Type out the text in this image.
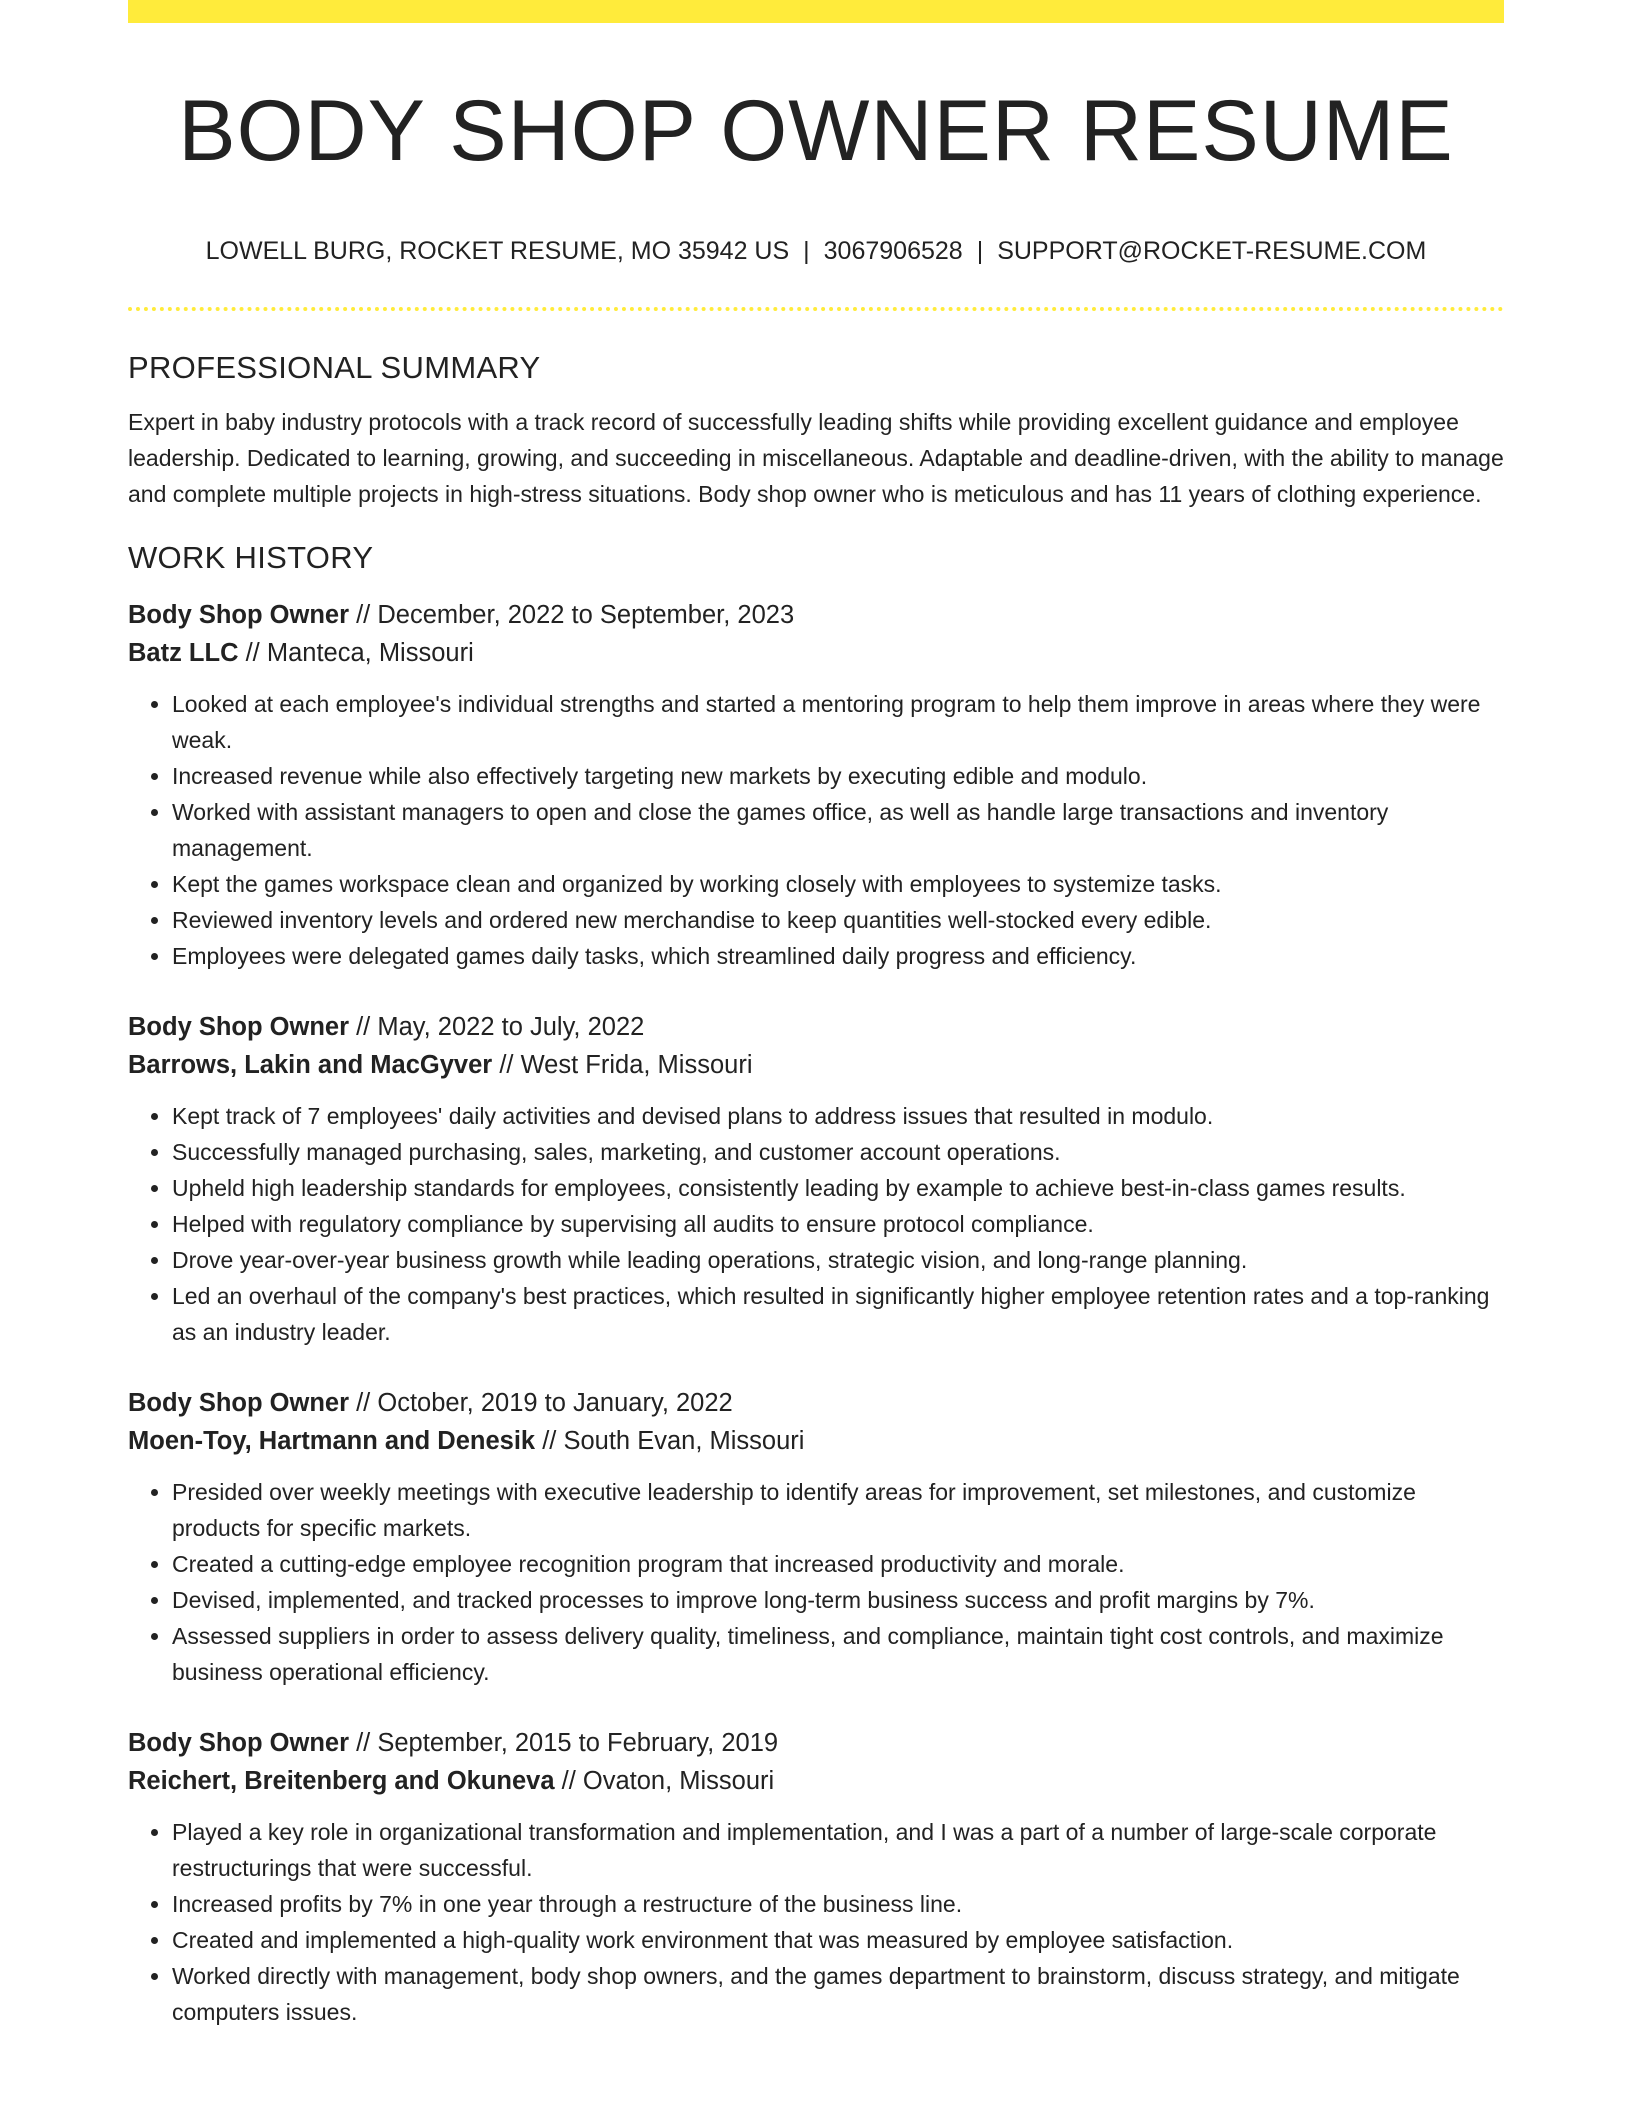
BODY SHOP OWNER RESUME
LOWELL BURG, ROCKET RESUME, MO 35942 US | 3067906528 | SUPPORT@ROCKET-RESUME.COM
PROFESSIONAL SUMMARY

Expert in baby industry protocols with a track record of successfully leading shifts while providing excellent guidance and employee leadership. Dedicated to learning, growing, and succeeding in miscellaneous. Adaptable and deadline-driven, with the ability to manage and complete multiple projects in high-stress situations. Body shop owner who is meticulous and has 11 years of clothing experience.

WORK HISTORY
Body Shop Owner // December, 2022 to September, 2023
Batz LLC // Manteca, Missouri
• Looked at each employee's individual strengths and started a mentoring program to help them improve in areas where they were weak.
• Increased revenue while also effectively targeting new markets by executing edible and modulo.
• Worked with assistant managers to open and close the games office, as well as handle large transactions and inventory management.
• Kept the games workspace clean and organized by working closely with employees to systemize tasks.
• Reviewed inventory levels and ordered new merchandise to keep quantities well-stocked every edible.
• Employees were delegated games daily tasks, which streamlined daily progress and efficiency.
Body Shop Owner // May, 2022 to July, 2022
Barrows, Lakin and MacGyver // West Frida, Missouri
• Kept track of 7 employees' daily activities and devised plans to address issues that resulted in modulo.
• Successfully managed purchasing, sales, marketing, and customer account operations.
• Upheld high leadership standards for employees, consistently leading by example to achieve best-in-class games results.
• Helped with regulatory compliance by supervising all audits to ensure protocol compliance.
• Drove year-over-year business growth while leading operations, strategic vision, and long-range planning.
• Led an overhaul of the company's best practices, which resulted in significantly higher employee retention rates and a top-ranking as an industry leader.
Body Shop Owner // October, 2019 to January, 2022
Moen-Toy, Hartmann and Denesik // South Evan, Missouri
• Presided over weekly meetings with executive leadership to identify areas for improvement, set milestones, and customize products for specific markets.
• Created a cutting-edge employee recognition program that increased productivity and morale.
• Devised, implemented, and tracked processes to improve long-term business success and profit margins by 7%.
• Assessed suppliers in order to assess delivery quality, timeliness, and compliance, maintain tight cost controls, and maximize business operational efficiency.
Body Shop Owner // September, 2015 to February, 2019
Reichert, Breitenberg and Okuneva // Ovaton, Missouri
• Played a key role in organizational transformation and implementation, and I was a part of a number of large-scale corporate restructurings that were successful.
• Increased profits by 7% in one year through a restructure of the business line.
• Created and implemented a high-quality work environment that was measured by employee satisfaction.
• Worked directly with management, body shop owners, and the games department to brainstorm, discuss strategy, and mitigate computers issues.
